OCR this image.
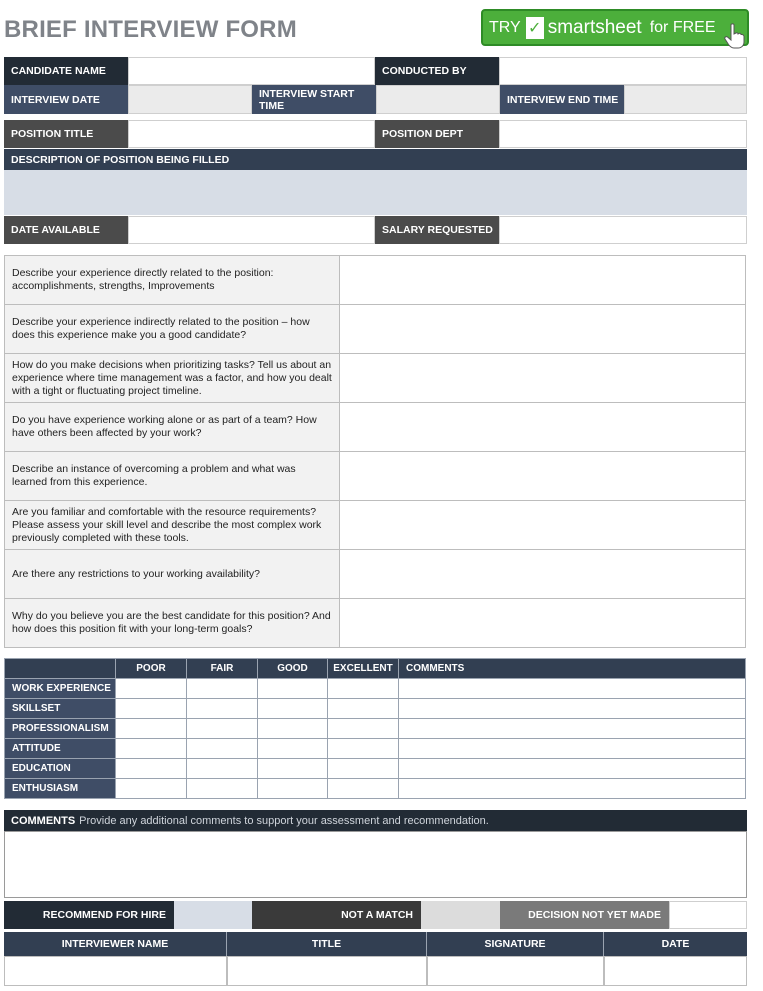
BRIEF INTERVIEW FORM	TRY ✓ smartsheet for FREE
CANDIDATE NAME	CONDUCTED BY
INTERVIEW DATE	INTERVIEW START TIME	INTERVIEW END TIME
POSITION TITLE	POSITION DEPT
DESCRIPTION OF POSITION BEING FILLED
DATE AVAILABLE	SALARY REQUESTED
Describe your experience directly related to the position: accomplishments, strengths, Improvements	
Describe your experience indirectly related to the position – how does this experience make you a good candidate?	
How do you make decisions when prioritizing tasks? Tell us about an experience where time management was a factor, and how you dealt with a tight or fluctuating project timeline.	
Do you have experience working alone or as part of a team? How have others been affected by your work?	
Describe an instance of overcoming a problem and what was learned from this experience.	
Are you familiar and comfortable with the resource requirements? Please assess your skill level and describe the most complex work previously completed with these tools.	
Are there any restrictions to your working availability?	
Why do you believe you are the best candidate for this position? And how does this position fit with your long-term goals?	
	POOR	FAIR	GOOD	EXCELLENT	COMMENTS
WORK EXPERIENCE					
SKILLSET					
PROFESSIONALISM					
ATTITUDE					
EDUCATION					
ENTHUSIASM					
COMMENTS Provide any additional comments to support your assessment and recommendation.
RECOMMEND FOR HIRE	NOT A MATCH	DECISION NOT YET MADE
INTERVIEWER NAME	TITLE	SIGNATURE	DATE
